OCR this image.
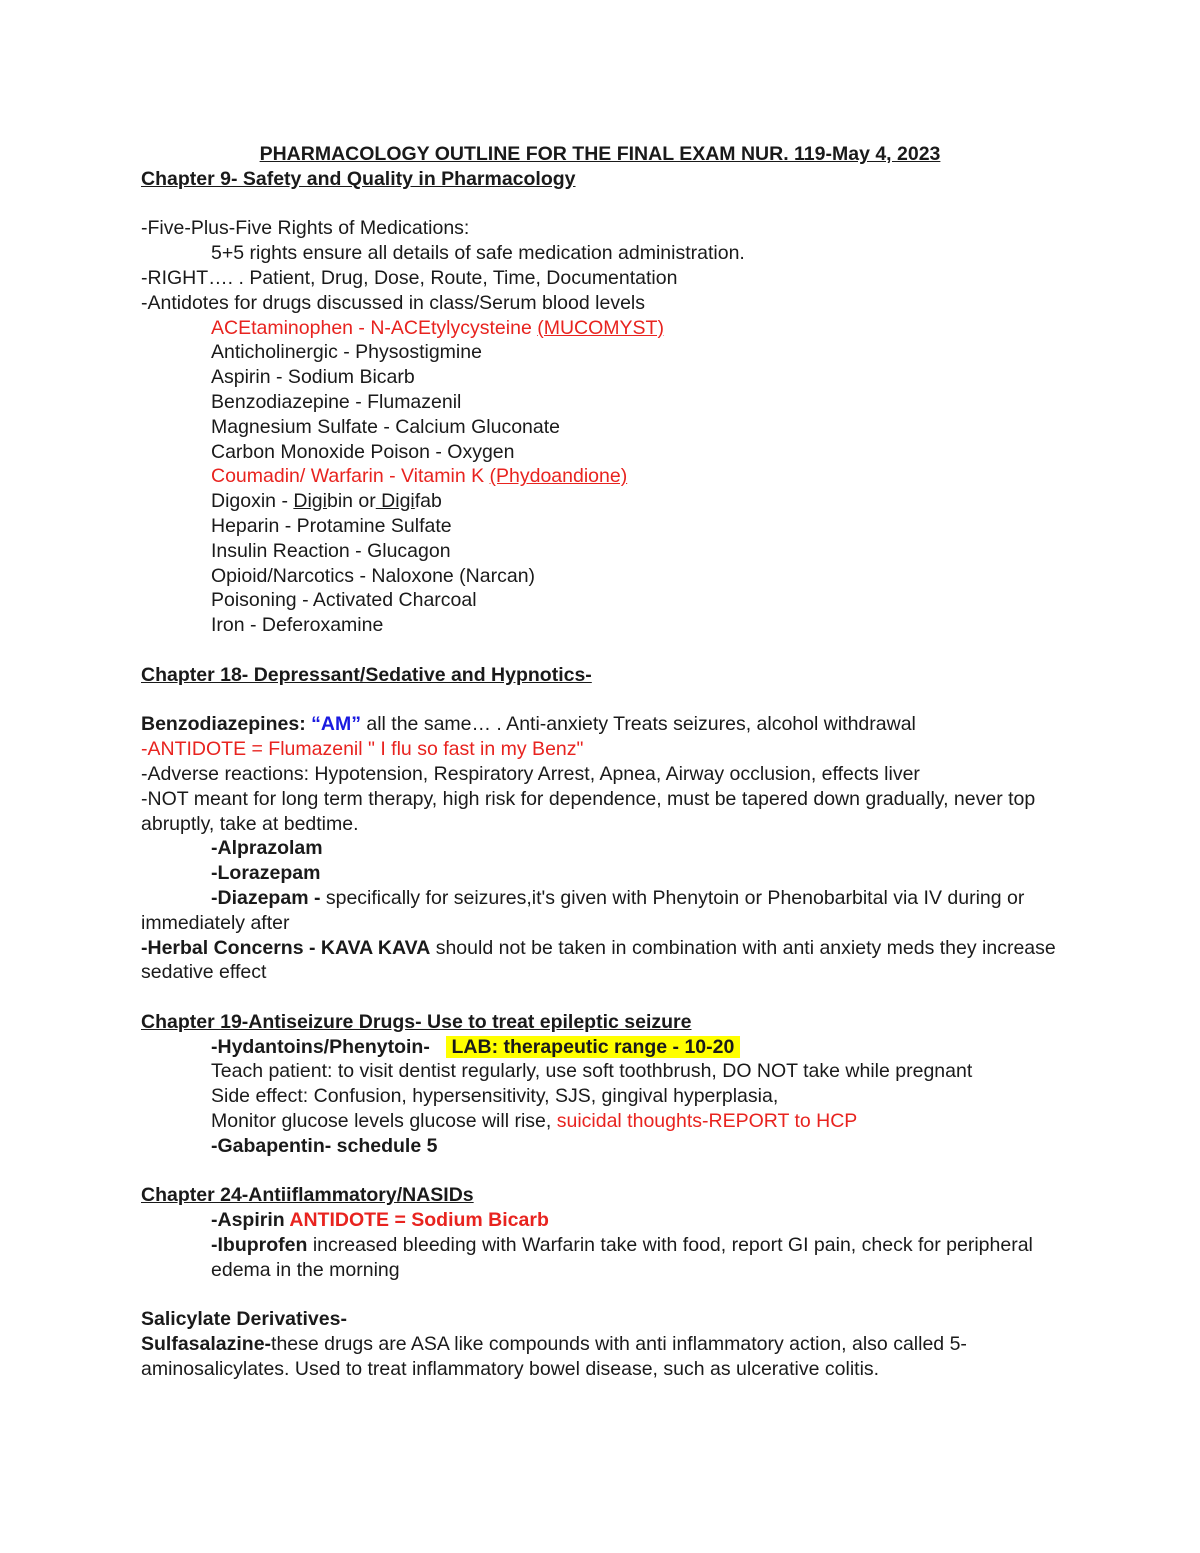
PHARMACOLOGY OUTLINE FOR THE FINAL EXAM NUR. 119-May 4, 2023
Chapter 9- Safety and Quality in Pharmacology
-Five-Plus-Five Rights of Medications:
5+5 rights ensure all details of safe medication administration.
-RIGHT…. . Patient, Drug, Dose, Route, Time, Documentation
-Antidotes for drugs discussed in class/Serum blood levels
ACEtaminophen - N-ACEtylycysteine (MUCOMYST)
Anticholinergic - Physostigmine
Aspirin - Sodium Bicarb
Benzodiazepine - Flumazenil
Magnesium Sulfate - Calcium Gluconate
Carbon Monoxide Poison - Oxygen
Coumadin/ Warfarin - Vitamin K (Phydoandione)
Digoxin - Digibin or Digifab
Heparin - Protamine Sulfate
Insulin Reaction - Glucagon
Opioid/Narcotics - Naloxone (Narcan)
Poisoning - Activated Charcoal
Iron - Deferoxamine
Chapter 18- Depressant/Sedative and Hypnotics-
Benzodiazepines: “AM” all the same… . Anti-anxiety Treats seizures, alcohol withdrawal
-ANTIDOTE = Flumazenil " I flu so fast in my Benz"
-Adverse reactions: Hypotension, Respiratory Arrest, Apnea, Airway occlusion, effects liver
-NOT meant for long term therapy, high risk for dependence, must be tapered down gradually, never top abruptly, take at bedtime.
-Alprazolam
-Lorazepam
-Diazepam - specifically for seizures,it's given with Phenytoin or Phenobarbital via IV during or immediately after
-Herbal Concerns - KAVA KAVA should not be taken in combination with anti anxiety meds they increase sedative effect
Chapter 19-Antiseizure Drugs- Use to treat epileptic seizure
-Hydantoins/Phenytoin-    LAB: therapeutic range - 10-20
Teach patient: to visit dentist regularly, use soft toothbrush, DO NOT take while pregnant
Side effect: Confusion, hypersensitivity, SJS, gingival hyperplasia,
Monitor glucose levels glucose will rise, suicidal thoughts-REPORT to HCP
-Gabapentin- schedule 5
Chapter 24-Antiiflammatory/NASIDs
-Aspirin ANTIDOTE = Sodium Bicarb
-Ibuprofen increased bleeding with Warfarin take with food, report GI pain, check for peripheral edema in the morning
Salicylate Derivatives-
Sulfasalazine-these drugs are ASA like compounds with anti inflammatory action, also called 5-aminosalicylates. Used to treat inflammatory bowel disease, such as ulcerative colitis.
